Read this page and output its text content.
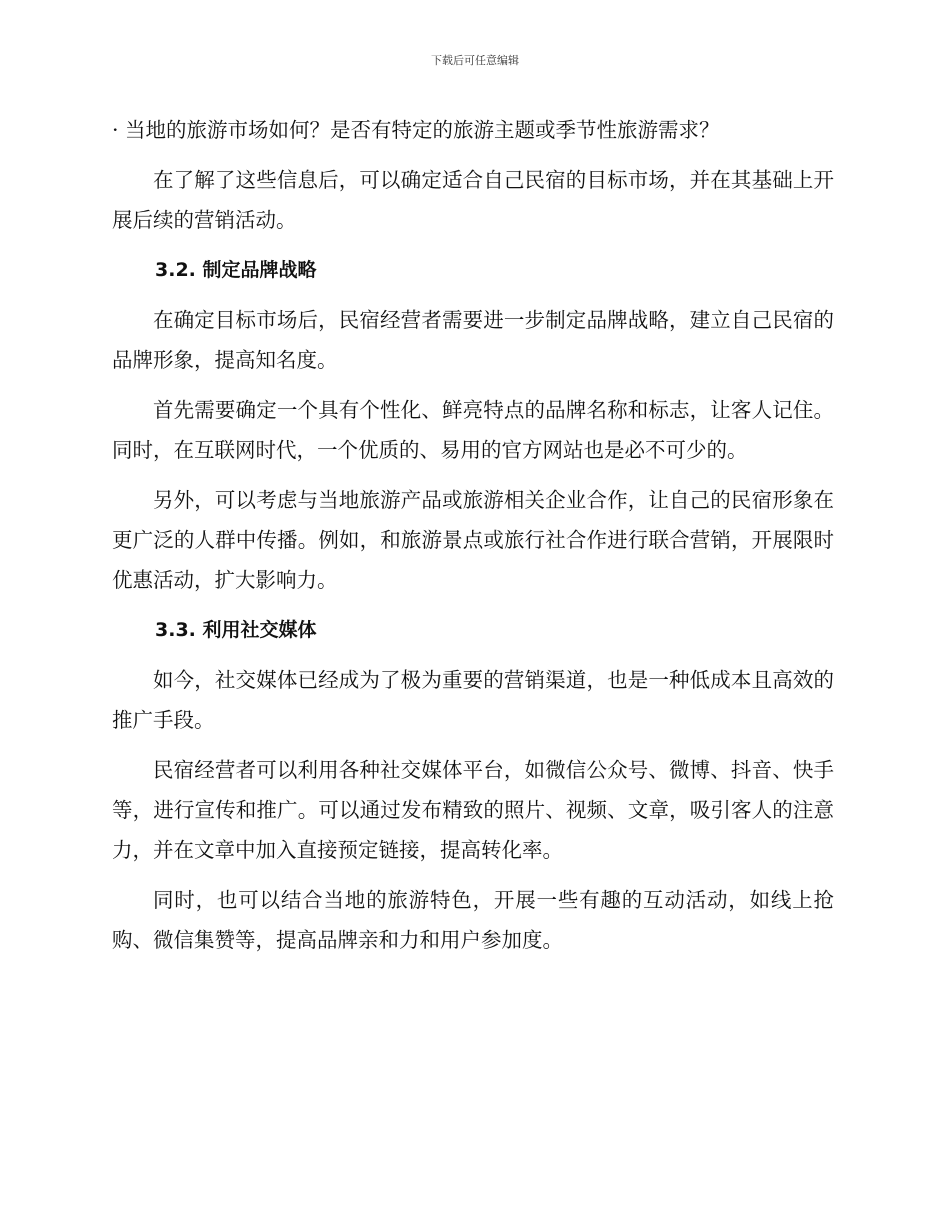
下载后可任意编辑

· 当地的旅游市场如何？是否有特定的旅游主题或季节性旅游需求？

在了解了这些信息后，可以确定适合自己民宿的目标市场，并在其基础上开展后续的营销活动。

3.2. 制定品牌战略

在确定目标市场后，民宿经营者需要进一步制定品牌战略，建立自己民宿的品牌形象，提高知名度。

首先需要确定一个具有个性化、鲜亮特点的品牌名称和标志，让客人记住。同时，在互联网时代，一个优质的、易用的官方网站也是必不可少的。

另外，可以考虑与当地旅游产品或旅游相关企业合作，让自己的民宿形象在更广泛的人群中传播。例如，和旅游景点或旅行社合作进行联合营销，开展限时优惠活动，扩大影响力。

3.3. 利用社交媒体

如今，社交媒体已经成为了极为重要的营销渠道，也是一种低成本且高效的推广手段。

民宿经营者可以利用各种社交媒体平台，如微信公众号、微博、抖音、快手等，进行宣传和推广。可以通过发布精致的照片、视频、文章，吸引客人的注意力，并在文章中加入直接预定链接，提高转化率。

同时，也可以结合当地的旅游特色，开展一些有趣的互动活动，如线上抢购、微信集赞等，提高品牌亲和力和用户参加度。
